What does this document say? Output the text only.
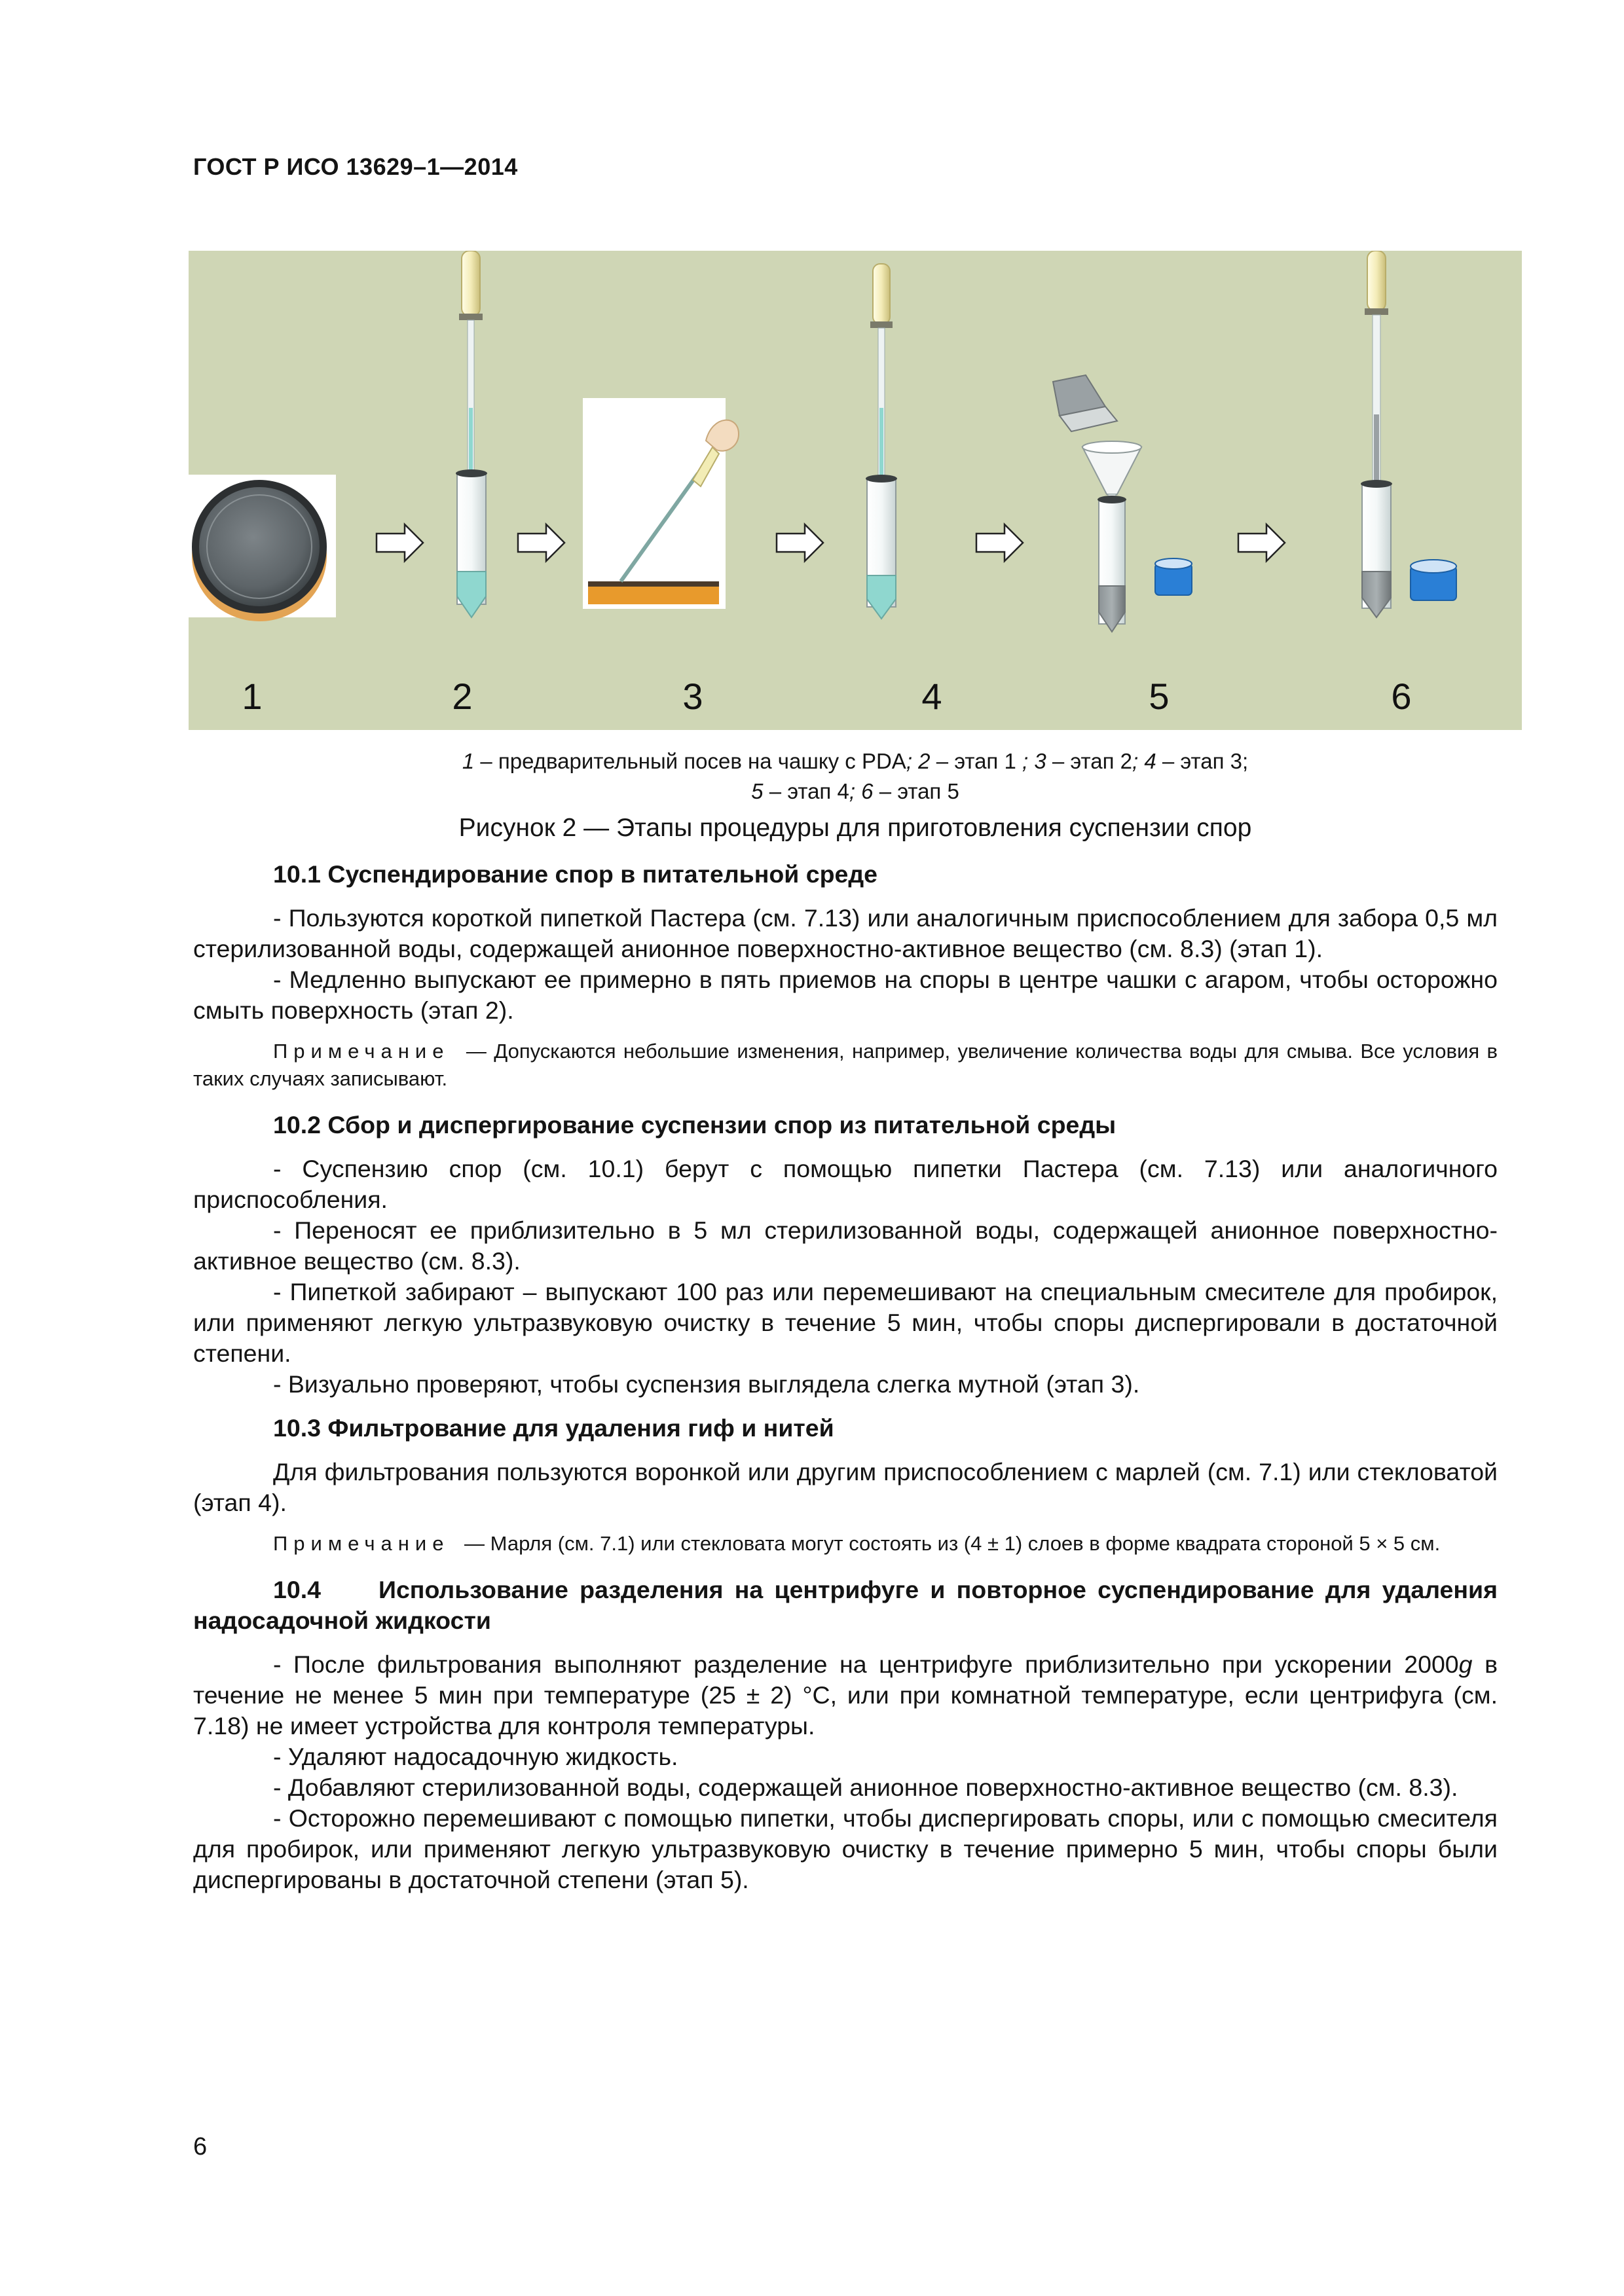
ГОСТ Р ИСО 13629–1—2014
1	2	3	4	5	6
1 – предварительный посев на чашку с PDA; 2 – этап 1 ; 3 – этап 2; 4 – этап 3;
5 – этап 4; 6 – этап 5
Рисунок 2 — Этапы процедуры для приготовления суспензии спор
10.1 Суспендирование спор в питательной среде

- Пользуются короткой пипеткой Пастера (см. 7.13) или аналогичным приспособлением для забора 0,5 мл стерилизованной воды, содержащей анионное поверхностно-активное вещество (см. 8.3) (этап 1).

- Медленно выпускают ее примерно в пять приемов на споры в центре чашки с агаром, чтобы осторожно смыть поверхность (этап 2).

Примечание — Допускаются небольшие изменения, например, увеличение количества воды для смыва. Все условия в таких случаях записывают.
10.2 Сбор и диспергирование суспензии спор из питательной среды

- Суспензию спор (см. 10.1) берут с помощью пипетки Пастера (см. 7.13) или аналогичного приспособления.

- Переносят ее приблизительно в 5 мл стерилизованной воды, содержащей анионное поверхностно-активное вещество (см. 8.3).

- Пипеткой забирают – выпускают 100 раз или перемешивают на специальным смесителе для пробирок, или применяют легкую ультразвуковую очистку в течение 5 мин, чтобы споры диспергировали в достаточной степени.

- Визуально проверяют, чтобы суспензия выглядела слегка мутной (этап 3).

10.3 Фильтрование для удаления гиф и нитей

Для фильтрования пользуются воронкой или другим приспособлением с марлей (см. 7.1) или стекловатой (этап 4).

Примечание — Марля (см. 7.1) или стекловата могут состоять из (4 ± 1) слоев в форме квадрата стороной 5 × 5 см.
10.4 Использование разделения на центрифуге и повторное суспендирование для удаления надосадочной жидкости

- После фильтрования выполняют разделение на центрифуге приблизительно при ускорении 2000g в течение не менее 5 мин при температуре (25 ± 2) °С, или при комнатной температуре, если центрифуга (см. 7.18) не имеет устройства для контроля температуры.

- Удаляют надосадочную жидкость.

- Добавляют стерилизованной воды, содержащей анионное поверхностно-активное вещество (см. 8.3).

- Осторожно перемешивают с помощью пипетки, чтобы диспергировать споры, или с помощью смесителя для пробирок, или применяют легкую ультразвуковую очистку в течение примерно 5 мин, чтобы споры были диспергированы в достаточной степени (этап 5).

6
